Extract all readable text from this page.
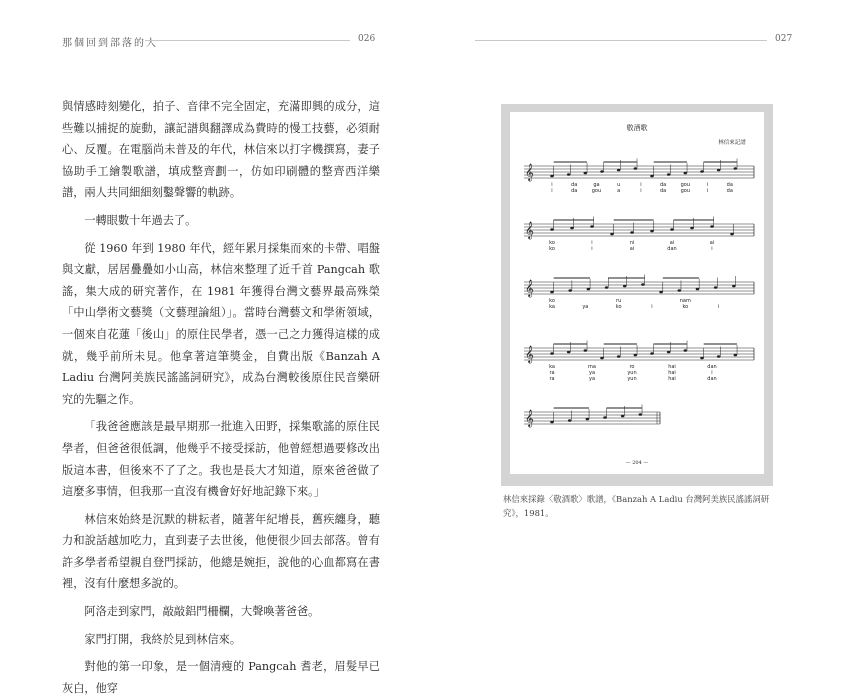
那個回到部落的人	026

與情感時刻變化，拍子、音律不完全固定，充滿即興的成分，這些難以捕捉的旋動，讓記譜與翻譯成為費時的慢工技藝，必須耐心、反覆。在電腦尚未普及的年代，林信來以打字機撰寫，妻子協助手工繪製歌譜，填成整齊劃一，仿如印刷體的整齊西洋樂譜，兩人共同細細刻鑿聲響的軌跡。

一轉眼數十年過去了。

從 1960 年到 1980 年代，經年累月採集而來的卡帶、唱盤與文獻，居居疊疊如小山高，林信來整理了近千首 Pangcah 歌謠，集大成的研究著作，在 1981 年獲得台灣文藝界最高殊榮「中山學術文藝獎（文藝理論組）」。當時台灣藝文和學術領域，一個來自花蓮「後山」的原住民學者，憑一己之力獲得這樣的成就，幾乎前所未見。他拿著這筆獎金，自費出版《Banzah A Ladiu 台灣阿美族民謠謠詞研究》，成為台灣較後原住民音樂研究的先驅之作。

「我爸爸應該是最早期那一批進入田野，採集歌謠的原住民學者，但爸爸很低調，他幾乎不接受採訪，他曾經想過要修改出版這本書，但後來不了了之。我也是長大才知道，原來爸爸做了這麼多事情，但我那一直沒有機會好好地記錄下來。」

林信來始終是沉默的耕耘者，隨著年紀增長，舊疾纏身，聽力和說話越加吃力，直到妻子去世後，他便很少回去部落。曾有許多學者希望親自登門採訪，他總是婉拒，說他的心血都寫在書裡，沒有什麼想多說的。

阿洛走到家門，敲敲鋁門柵欄，大聲喚著爸爸。

家門打開，我終於見到林信來。

對他的第一印象，是一個清瘦的 Pangcah 耆老，眉髮早已灰白，他穿

027
敬酒歌
林信來記譜
𝄞
i	da	ga	u	i	da	gou	i	da
i	da	gou	a	i	da	gou	i	da
𝄞
ko	i	ni	ai	ai
ko	i	ai	dan	i
𝄞
ko	ru	nam
ka	ya	ko	i	ko	i
𝄞
ka	ma	ro	hai	dan
ra	ya	yun	hai	i
ra	ya	yun	hai	dan
𝄞
— 204 —

林信來採錄〈敬酒歌〉歌譜，《Banzah A Ladiu 台灣阿美族民謠謠詞研究》，1981。
